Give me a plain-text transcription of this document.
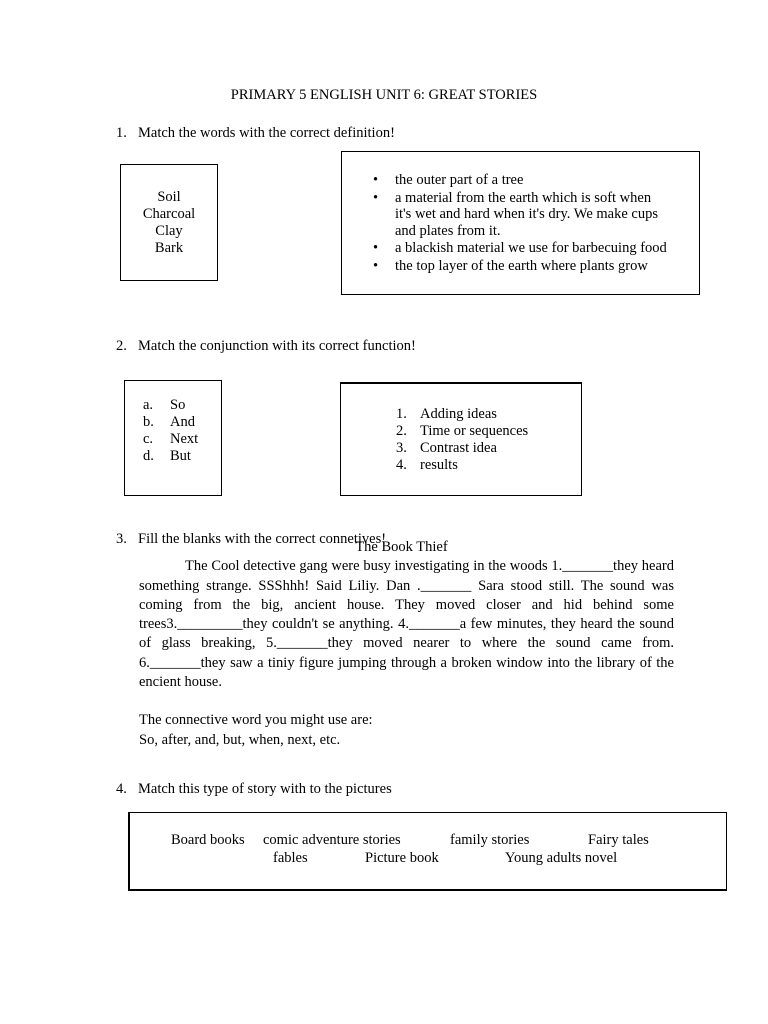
PRIMARY 5 ENGLISH UNIT 6: GREAT STORIES
1. Match the words with the correct definition!
Soil
Charcoal
Clay
Bark
• the outer part of a tree
• a material from the earth which is soft when it's wet and hard when it's dry. We make cups and plates from it.
• a blackish material we use for barbecuing food
• the top layer of the earth where plants grow
2. Match the conjunction with its correct function!
a. So
b. And
c. Next
d. But
1. Adding ideas
2. Time or sequences
3. Contrast idea
4. results
3. Fill the blanks with the correct connetives!
The Book Thief
The Cool detective gang were busy investigating in the woods 1._______they heard something strange. SSShhh! Said Liliy. Dan ._______ Sara stood still. The sound was coming from the big, ancient house. They moved closer and hid behind some trees3._________they couldn't se anything. 4._______a few minutes, they heard the sound of glass breaking, 5._______they moved nearer to where the sound came from. 6._______they saw a tiniy figure jumping through a broken window into the library of the encient house.
The connective word you might use are:
So, after, and, but, when, next, etc.
4. Match this type of story with to the pictures
Board books comic adventure stories	family stories	Fairy tales
fables	Picture book	Young adults novel
